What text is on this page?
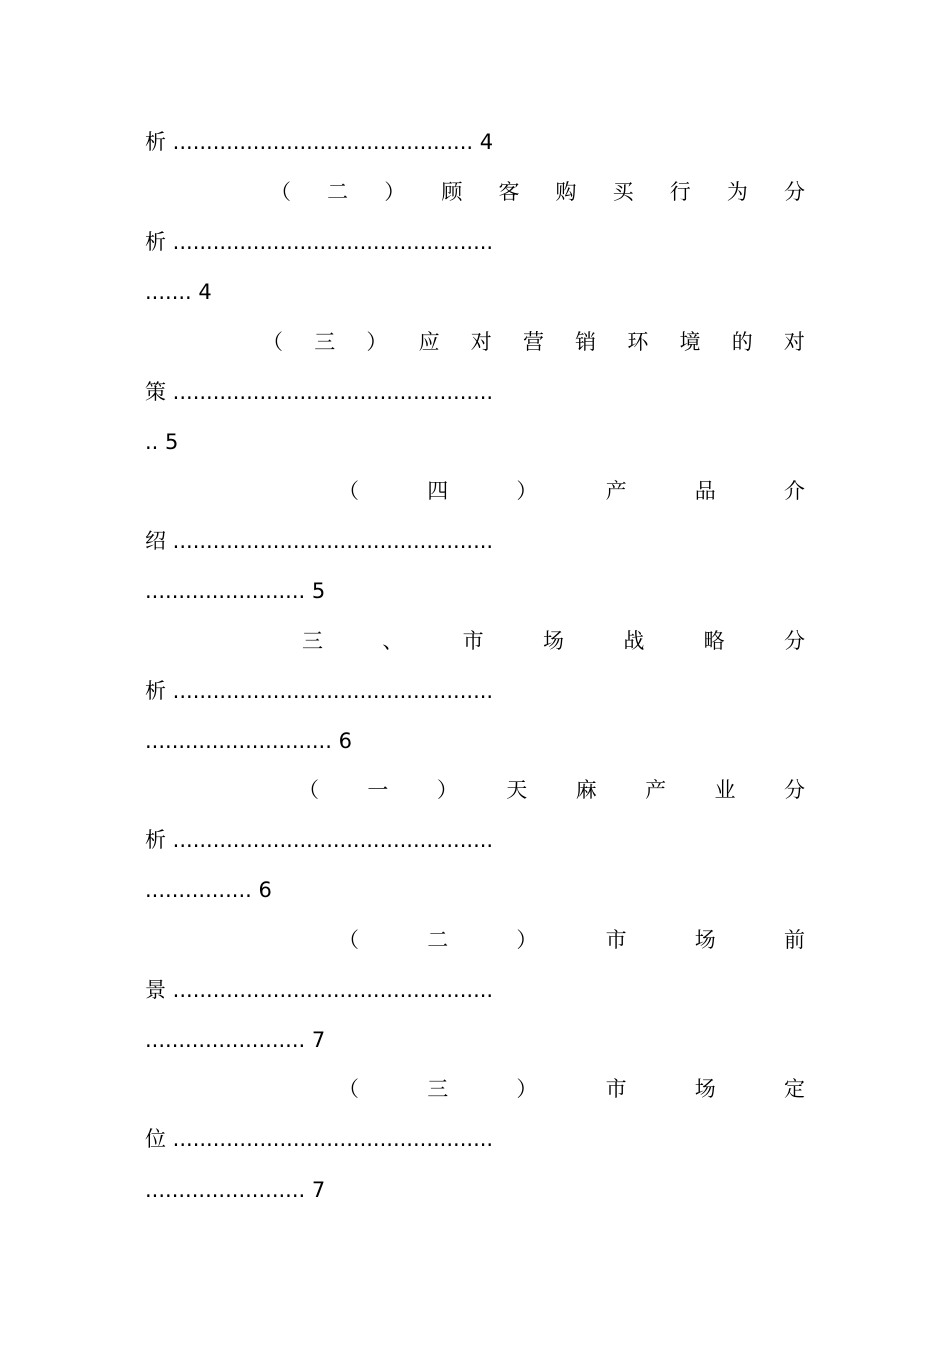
析 ............................................. 4
（ 二 ） 顾 客 购 买 行 为 分
析 ................................................
....... 4
（ 三 ） 应 对 营 销 环 境 的 对
策 ................................................
.. 5
（	四	）	产	品	介
绍 ................................................
........................ 5
三	、	市	场	战	略	分
析 ................................................
............................ 6
（ 一 ） 天 麻 产 业 分
析 ................................................
................ 6
（	二	）	市	场	前
景 ................................................
........................ 7
（	三	）	市	场	定
位 ................................................
........................ 7
